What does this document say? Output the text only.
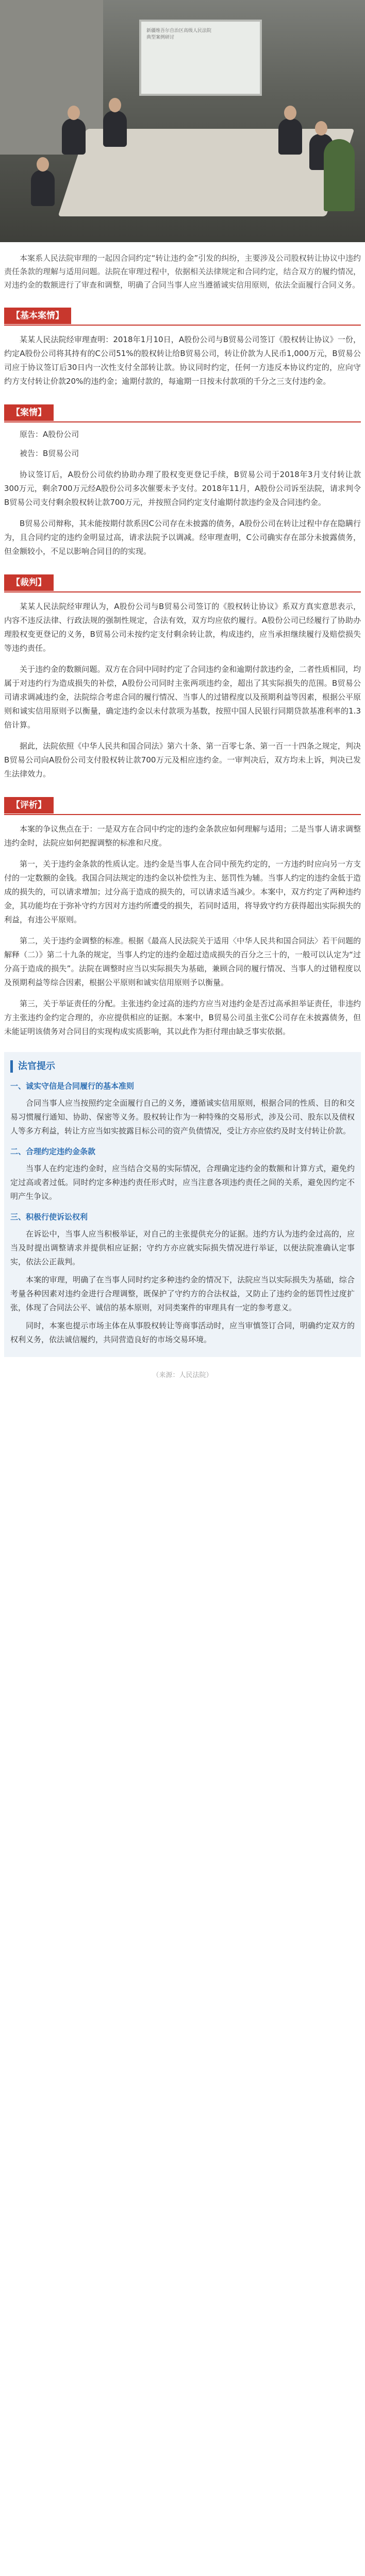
新疆维吾尔自治区高级人民法院
典型案例研讨

本案系人民法院审理的一起因合同约定“转让违约金”引发的纠纷，主要涉及公司股权转让协议中违约责任条款的理解与适用问题。法院在审理过程中，依据相关法律规定和合同约定，结合双方的履约情况，对违约金的数额进行了审查和调整，明确了合同当事人应当遵循诚实信用原则，依法全面履行合同义务。

【基本案情】

某某人民法院经审理查明：2018年1月10日，A股份公司与B贸易公司签订《股权转让协议》一份，约定A股份公司将其持有的C公司51%的股权转让给B贸易公司，转让价款为人民币1,000万元，B贸易公司应于协议签订后30日内一次性支付全部转让款。协议同时约定，任何一方违反本协议约定的，应向守约方支付转让价款20%的违约金；逾期付款的，每逾期一日按未付款项的千分之三支付违约金。

【案情】

原告：A股份公司

被告：B贸易公司

协议签订后，A股份公司依约协助办理了股权变更登记手续，B贸易公司于2018年3月支付转让款300万元，剩余700万元经A股份公司多次催要未予支付。2018年11月，A股份公司诉至法院，请求判令B贸易公司支付剩余股权转让款700万元，并按照合同约定支付逾期付款违约金及合同违约金。

B贸易公司辩称，其未能按期付款系因C公司存在未披露的债务，A股份公司在转让过程中存在隐瞒行为，且合同约定的违约金明显过高，请求法院予以调减。经审理查明，C公司确实存在部分未披露债务，但金额较小，不足以影响合同目的的实现。

【裁判】

某某人民法院经审理认为，A股份公司与B贸易公司签订的《股权转让协议》系双方真实意思表示，内容不违反法律、行政法规的强制性规定，合法有效，双方均应依约履行。A股份公司已经履行了协助办理股权变更登记的义务，B贸易公司未按约定支付剩余转让款，构成违约，应当承担继续履行及赔偿损失等违约责任。

关于违约金的数额问题。双方在合同中同时约定了合同违约金和逾期付款违约金，二者性质相同，均属于对违约行为造成损失的补偿，A股份公司同时主张两项违约金，超出了其实际损失的范围。B贸易公司请求调减违约金，法院综合考虑合同的履行情况、当事人的过错程度以及预期利益等因素，根据公平原则和诚实信用原则予以衡量，确定违约金以未付款项为基数，按照中国人民银行同期贷款基准利率的1.3倍计算。

据此，法院依照《中华人民共和国合同法》第六十条、第一百零七条、第一百一十四条之规定，判决B贸易公司向A股份公司支付股权转让款700万元及相应违约金。一审判决后，双方均未上诉，判决已发生法律效力。

【评析】

本案的争议焦点在于：一是双方在合同中约定的违约金条款应如何理解与适用；二是当事人请求调整违约金时，法院应如何把握调整的标准和尺度。

第一，关于违约金条款的性质认定。违约金是当事人在合同中预先约定的，一方违约时应向另一方支付的一定数额的金钱。我国合同法规定的违约金以补偿性为主、惩罚性为辅。当事人约定的违约金低于造成的损失的，可以请求增加；过分高于造成的损失的，可以请求适当减少。本案中，双方约定了两种违约金，其功能均在于弥补守约方因对方违约所遭受的损失，若同时适用，将导致守约方获得超出实际损失的利益，有违公平原则。

第二，关于违约金调整的标准。根据《最高人民法院关于适用〈中华人民共和国合同法〉若干问题的解释（二）》第二十九条的规定，当事人约定的违约金超过造成损失的百分之三十的，一般可以认定为“过分高于造成的损失”。法院在调整时应当以实际损失为基础，兼顾合同的履行情况、当事人的过错程度以及预期利益等综合因素，根据公平原则和诚实信用原则予以衡量。

第三，关于举证责任的分配。主张违约金过高的违约方应当对违约金是否过高承担举证责任，非违约方主张违约金约定合理的，亦应提供相应的证据。本案中，B贸易公司虽主张C公司存在未披露债务，但未能证明该债务对合同目的实现构成实质影响，其以此作为拒付理由缺乏事实依据。

法官提示
一、诚实守信是合同履行的基本准则

合同当事人应当按照约定全面履行自己的义务，遵循诚实信用原则，根据合同的性质、目的和交易习惯履行通知、协助、保密等义务。股权转让作为一种特殊的交易形式，涉及公司、股东以及债权人等多方利益，转让方应当如实披露目标公司的资产负债情况，受让方亦应依约及时支付转让价款。

二、合理约定违约金条款

当事人在约定违约金时，应当结合交易的实际情况，合理确定违约金的数额和计算方式，避免约定过高或者过低。同时约定多种违约责任形式时，应当注意各项违约责任之间的关系，避免因约定不明产生争议。

三、积极行使诉讼权利

在诉讼中，当事人应当积极举证，对自己的主张提供充分的证据。违约方认为违约金过高的，应当及时提出调整请求并提供相应证据；守约方亦应就实际损失情况进行举证，以便法院准确认定事实，依法公正裁判。

本案的审理，明确了在当事人同时约定多种违约金的情况下，法院应当以实际损失为基础，综合考量各种因素对违约金进行合理调整，既保护了守约方的合法权益，又防止了违约金的惩罚性过度扩张，体现了合同法公平、诚信的基本原则，对同类案件的审理具有一定的参考意义。

同时，本案也提示市场主体在从事股权转让等商事活动时，应当审慎签订合同，明确约定双方的权利义务，依法诚信履约，共同营造良好的市场交易环境。

（来源：人民法院）
